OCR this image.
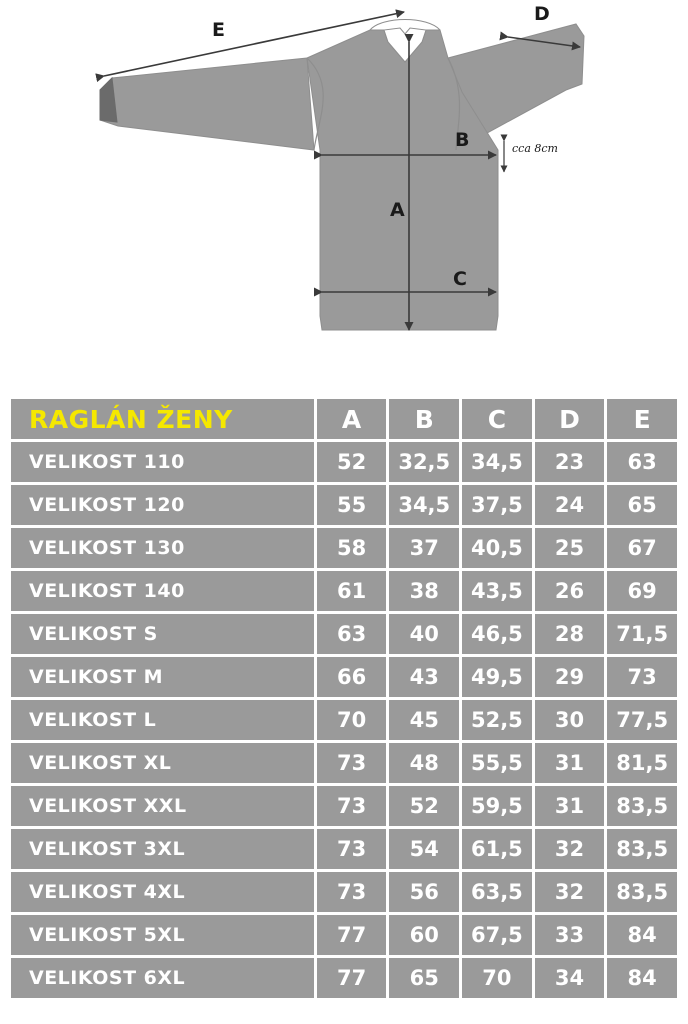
A
B
C
D
E
cca 8cm
RAGLÁN ŽENY	A	B	C	D	E
VELIKOST 110	52	32,5	34,5	23	63
VELIKOST 120	55	34,5	37,5	24	65
VELIKOST 130	58	37	40,5	25	67
VELIKOST 140	61	38	43,5	26	69
VELIKOST S	63	40	46,5	28	71,5
VELIKOST M	66	43	49,5	29	73
VELIKOST L	70	45	52,5	30	77,5
VELIKOST XL	73	48	55,5	31	81,5
VELIKOST XXL	73	52	59,5	31	83,5
VELIKOST 3XL	73	54	61,5	32	83,5
VELIKOST 4XL	73	56	63,5	32	83,5
VELIKOST 5XL	77	60	67,5	33	84
VELIKOST 6XL	77	65	70	34	84
